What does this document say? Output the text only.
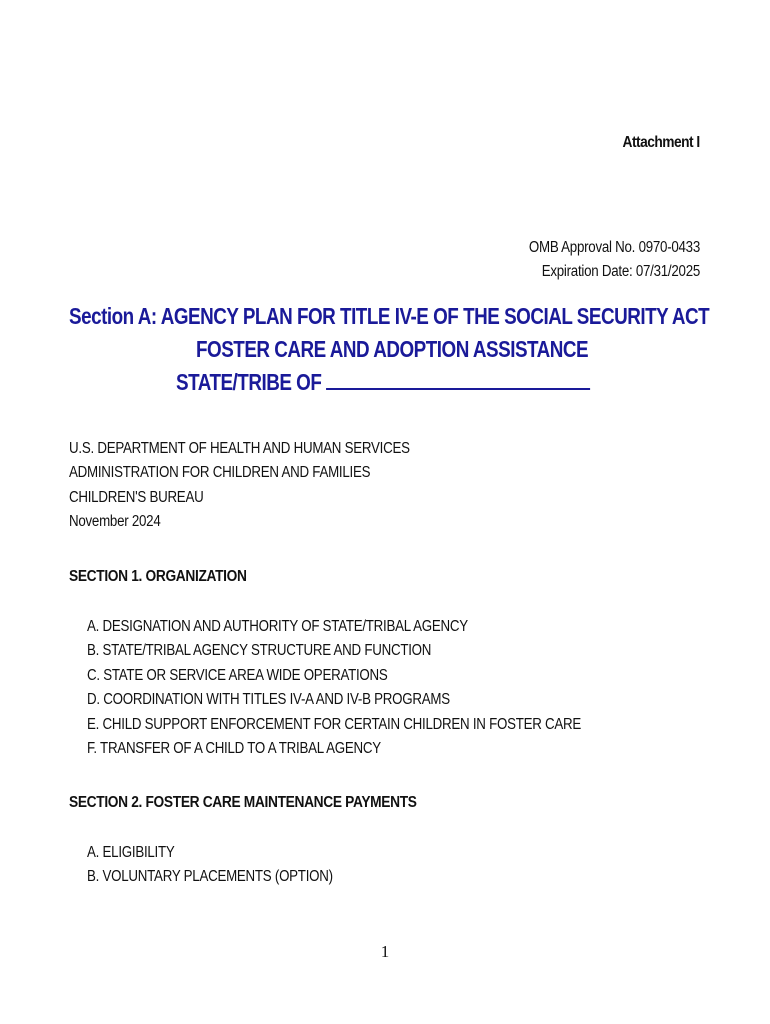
Attachment I
OMB Approval No. 0970-0433
Expiration Date: 07/31/2025
Section A: AGENCY PLAN FOR TITLE IV-E OF THE SOCIAL SECURITY ACT
FOSTER CARE AND ADOPTION ASSISTANCE
STATE/TRIBE OF
U.S. DEPARTMENT OF HEALTH AND HUMAN SERVICES
ADMINISTRATION FOR CHILDREN AND FAMILIES
CHILDREN'S BUREAU
November 2024
SECTION 1. ORGANIZATION
A. DESIGNATION AND AUTHORITY OF STATE/TRIBAL AGENCY
B. STATE/TRIBAL AGENCY STRUCTURE AND FUNCTION
C. STATE OR SERVICE AREA WIDE OPERATIONS
D. COORDINATION WITH TITLES IV-A AND IV-B PROGRAMS
E. CHILD SUPPORT ENFORCEMENT FOR CERTAIN CHILDREN IN FOSTER CARE
F. TRANSFER OF A CHILD TO A TRIBAL AGENCY
SECTION 2. FOSTER CARE MAINTENANCE PAYMENTS
A. ELIGIBILITY
B. VOLUNTARY PLACEMENTS (OPTION)
1
